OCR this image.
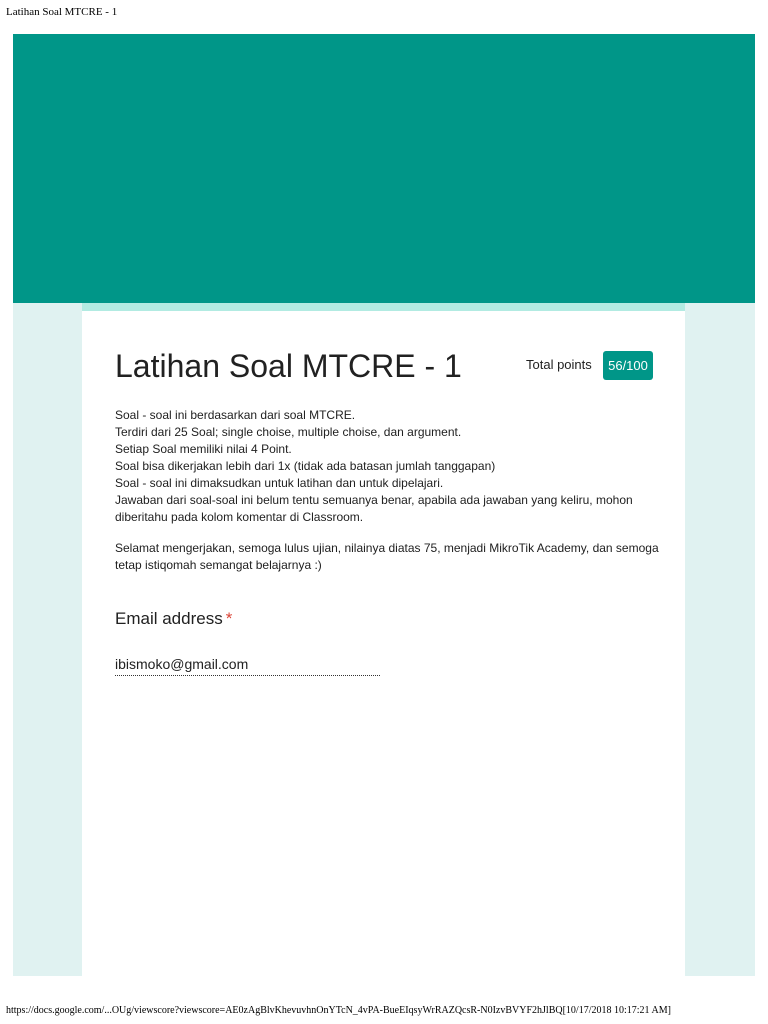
Latihan Soal MTCRE - 1
Latihan Soal MTCRE - 1	Total points	56/100

Soal - soal ini berdasarkan dari soal MTCRE.
Terdiri dari 25 Soal; single choise, multiple choise, dan argument.
Setiap Soal memiliki nilai 4 Point.
Soal bisa dikerjakan lebih dari 1x (tidak ada batasan jumlah tanggapan)
Soal - soal ini dimaksudkan untuk latihan dan untuk dipelajari.
Jawaban dari soal-soal ini belum tentu semuanya benar, apabila ada jawaban yang keliru, mohon diberitahu pada kolom komentar di Classroom.

Selamat mengerjakan, semoga lulus ujian, nilainya diatas 75, menjadi MikroTik Academy, dan semoga tetap istiqomah semangat belajarnya :)

Email address *
ibismoko@gmail.com
https://docs.google.com/...OUg/viewscore?viewscore=AE0zAgBlvKhevuvhnOnYTcN_4vPA-BueEIqsyWrRAZQcsR-N0IzvBVYF2hJlBQ[10/17/2018 10:17:21 AM]
